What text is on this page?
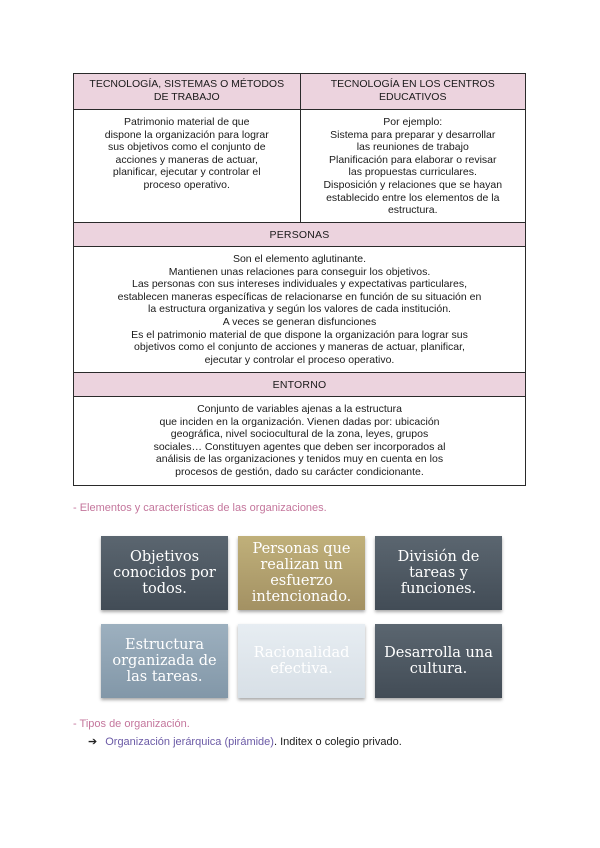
TECNOLOGÍA, SISTEMAS O MÉTODOS
DE TRABAJO
TECNOLOGÍA EN LOS CENTROS
EDUCATIVOS
Patrimonio material de que
dispone la organización para lograr
sus objetivos como el conjunto de
acciones y maneras de actuar,
planificar, ejecutar y controlar el
proceso operativo.
Por ejemplo:
Sistema para preparar y desarrollar
las reuniones de trabajo
Planificación para elaborar o revisar
las propuestas curriculares.
Disposición y relaciones que se hayan
establecido entre los elementos de la
estructura.
PERSONAS
Son el elemento aglutinante.
Mantienen unas relaciones para conseguir los objetivos.
Las personas con sus intereses individuales y expectativas particulares,
establecen maneras específicas de relacionarse en función de su situación en
la estructura organizativa y según los valores de cada institución.
A veces se generan disfunciones
Es el patrimonio material de que dispone la organización para lograr sus
objetivos como el conjunto de acciones y maneras de actuar, planificar,
ejecutar y controlar el proceso operativo.
ENTORNO
Conjunto de variables ajenas a la estructura
que inciden en la organización. Vienen dadas por: ubicación
geográfica, nivel sociocultural de la zona, leyes, grupos
sociales… Constituyen agentes que deben ser incorporados al
análisis de las organizaciones y tenidos muy en cuenta en los
procesos de gestión, dado su carácter condicionante.
- Elementos y características de las organizaciones.
Objetivos
conocidos por
todos.
Personas que
realizan un
esfuerzo
intencionado.
División de
tareas y
funciones.
Estructura
organizada de
las tareas.
Racionalidad
efectiva.
Desarrolla una
cultura.
- Tipos de organización.
➔ Organización jerárquica (pirámide). Inditex o colegio privado.
